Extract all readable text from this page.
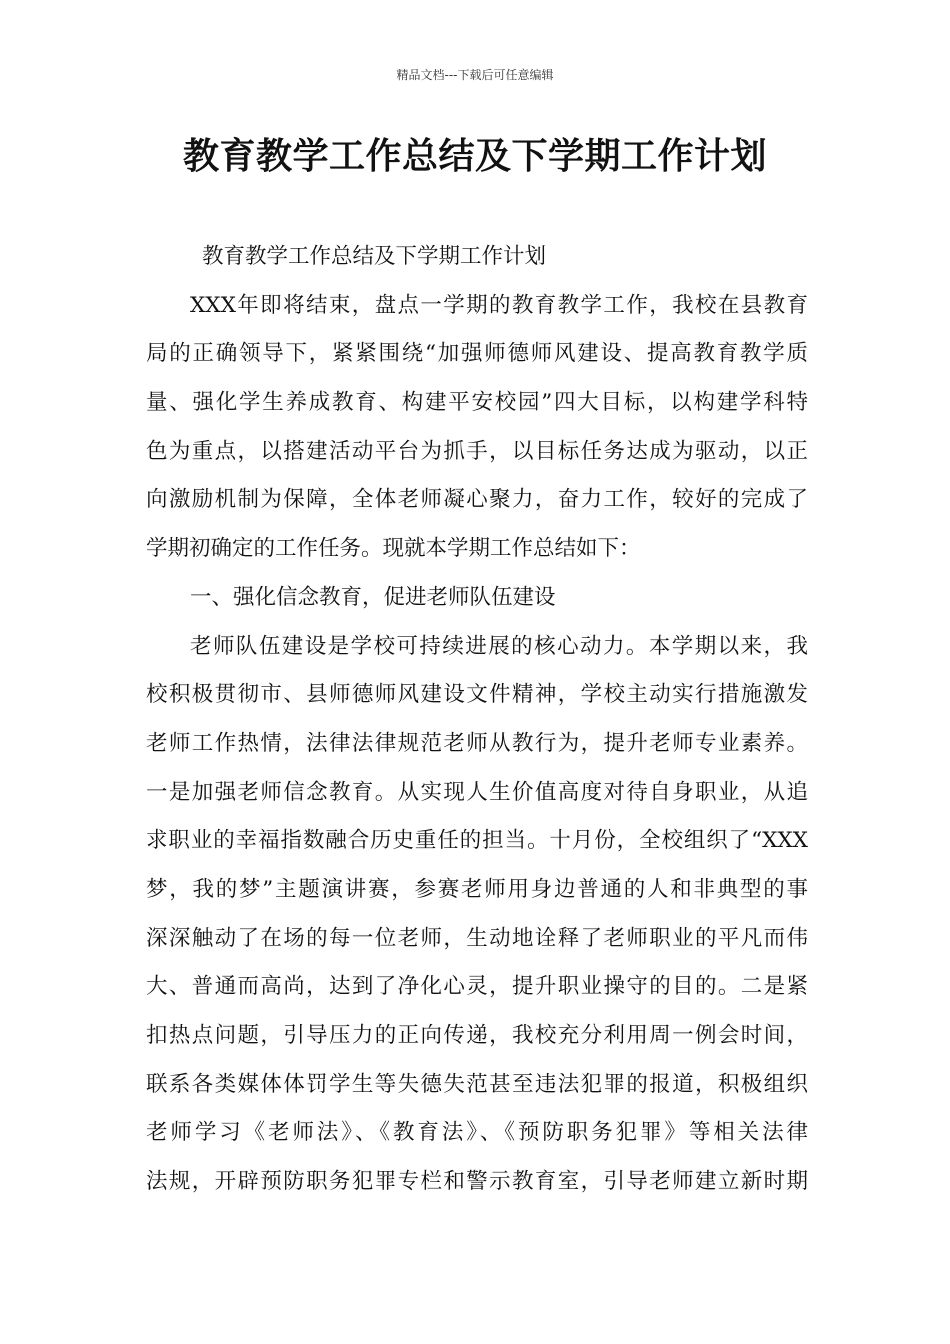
精品文档---下载后可任意编辑
教育教学工作总结及下学期工作计划
教育教学工作总结及下学期工作计划
XXX年即将结束，盘点一学期的教育教学工作，我校在县教育
局的正确领导下，紧紧围绕“加强师德师风建设、提高教育教学质
量、强化学生养成教育、构建平安校园”四大目标，以构建学科特
色为重点，以搭建活动平台为抓手，以目标任务达成为驱动，以正
向激励机制为保障，全体老师凝心聚力，奋力工作，较好的完成了
学期初确定的工作任务。现就本学期工作总结如下：
一、强化信念教育，促进老师队伍建设
老师队伍建设是学校可持续进展的核心动力。本学期以来，我
校积极贯彻市、县师德师风建设文件精神，学校主动实行措施激发
老师工作热情，法律法律规范老师从教行为，提升老师专业素养。
一是加强老师信念教育。从实现人生价值高度对待自身职业，从追
求职业的幸福指数融合历史重任的担当。十月份，全校组织了“XXX
梦，我的梦”主题演讲赛，参赛老师用身边普通的人和非典型的事
深深触动了在场的每一位老师，生动地诠释了老师职业的平凡而伟
大、普通而高尚，达到了净化心灵，提升职业操守的目的。二是紧
扣热点问题，引导压力的正向传递，我校充分利用周一例会时间，
联系各类媒体体罚学生等失德失范甚至违法犯罪的报道，积极组织
老师学习《老师法》、《教育法》、《预防职务犯罪》等相关法律
法规，开辟预防职务犯罪专栏和警示教育室，引导老师建立新时期
